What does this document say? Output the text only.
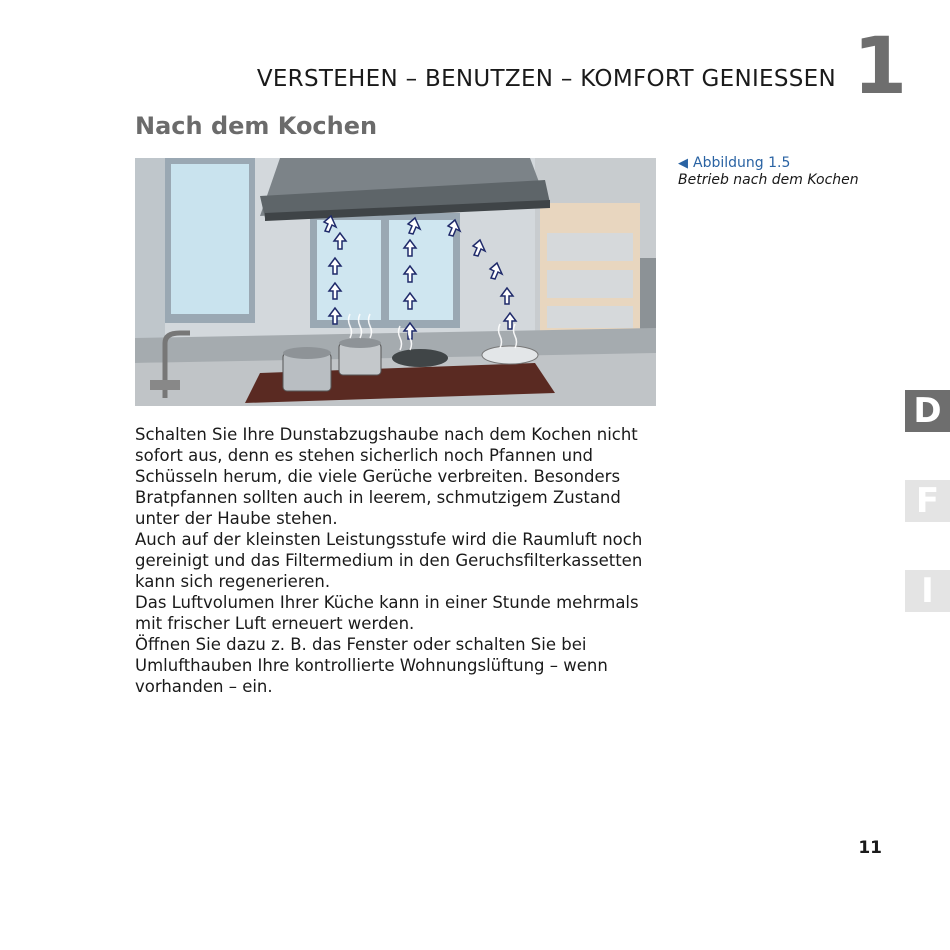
VERSTEHEN – BENUTZEN – KOMFORT GENIESSEN 1
Nach dem Kochen
◀ Abbildung 1.5
Betrieb nach dem Kochen

Schalten Sie Ihre Dunstabzugshaube nach dem Kochen nicht sofort aus, denn es stehen sicherlich noch Pfannen und Schüsseln herum, die viele Gerüche verbreiten. Besonders Bratpfannen sollten auch in leerem, schmutzigem Zustand unter der Haube stehen.

Auch auf der kleinsten Leistungsstufe wird die Raumluft noch gereinigt und das Filtermedium in den Geruchsfilterkassetten kann sich regenerieren.

Das Luftvolumen Ihrer Küche kann in einer Stunde mehrmals mit frischer Luft erneuert werden.

Öffnen Sie dazu z. B. das Fenster oder schalten Sie bei Umlufthauben Ihre kontrollierte Wohnungslüftung – wenn vorhanden – ein.

D
F
I
11
